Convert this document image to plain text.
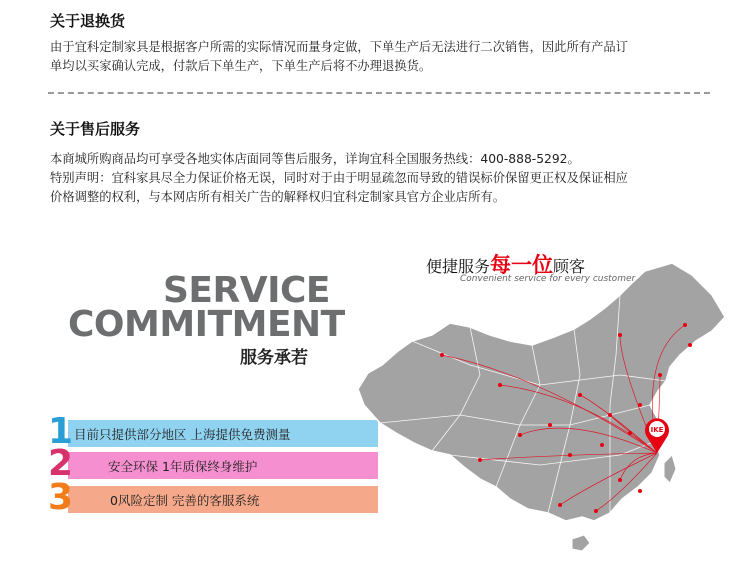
关于退换货
由于宜科定制家具是根据客户所需的实际情况而量身定做，下单生产后无法进行二次销售，因此所有产品订
单均以买家确认完成，付款后下单生产，下单生产后将不办理退换货。
关于售后服务
本商城所购商品均可享受各地实体店面同等售后服务，详询宜科全国服务热线：400-888-5292。
特别声明：宜科家具尽全力保证价格无误，同时对于由于明显疏忽而导致的错误标价保留更正权及保证相应
价格调整的权利，与本网店所有相关广告的解释权归宜科定制家具官方企业店所有。
SERVICE
COMMITMENT
服务承若
1 目前只提供部分地区 上海提供免费测量
2	安全环保 1年质保终身维护
3	0风险定制 完善的客服系统
便捷服务每一位顾客
Convenient service for every customer
IKE
